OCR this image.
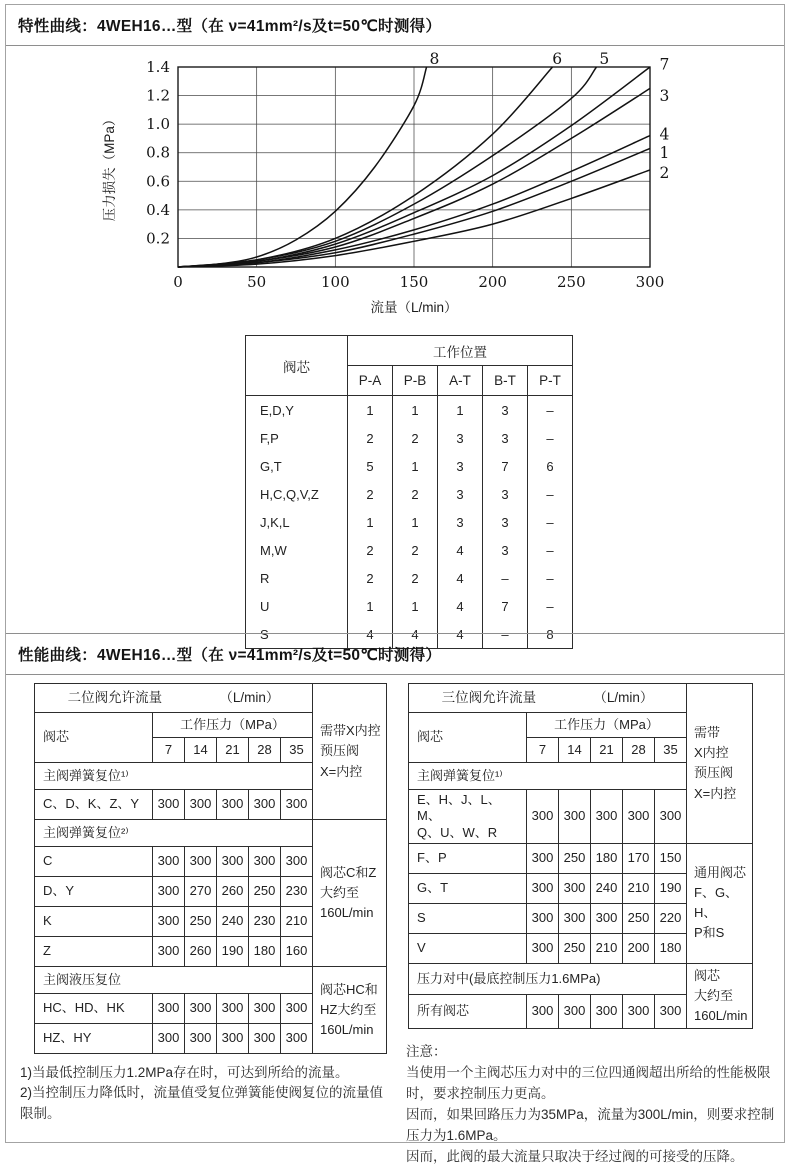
特性曲线：4WEH16…型（在 ν=41mm²/s及t=50℃时测得）
0	50	100	150	200	250	300
0.2
0.4
0.6
0.8
1.0
1.2
1.4
流量（L/min）
压力损失（MPa）
8	6 5	7
3
4
1
2
阀芯	工作位置				
	P-A	P-B	A-T	B-T	P-T
E,D,Y	1	1	1	3	–
F,P	2	2	3	3	–
G,T	5	1	3	7	6
H,C,Q,V,Z	2	2	3	3	–
J,K,L	1	1	3	3	–
M,W	2	2	4	3	–
R	2	2	4	–	–
U	1	1	4	7	–
S	4	4	4	–	8
性能曲线：4WEH16…型（在 ν=41mm²/s及t=50℃时测得）
二位阀允许流量 （L/min）						需带X内控
预压阀
X=内控
阀芯	工作压力（MPa）					
	7	14	21	28	35	
主阀弹簧复位¹⁾						
C、D、K、Z、Y	300	300	300	300	300	
主阀弹簧复位²⁾						阀芯C和Z
大约至
160L/min
C	300	300	300	300	300	
D、Y	300	270	260	250	230	
K	300	250	240	230	210	
Z	300	260	190	180	160	
主阀液压复位						阀芯HC和
HZ大约至
160L/min
HC、HD、HK	300	300	300	300	300	
HZ、HY	300	300	300	300	300	

1)当最低控制压力1.2MPa存在时，可达到所给的流量。

2)当控制压力降低时，流量值受复位弹簧能使阀复位的流量值限制。

三位阀允许流量 （L/min）						需带
X内控
预压阀
X=内控
阀芯	工作压力（MPa）					
	7	14	21	28	35	
主阀弹簧复位¹⁾						
E、H、J、L、M、
Q、U、W、R	300	300	300	300	300	
F、P	300	250	180	170	150	通用阀芯
F、G、H、
P和S
G、T	300	300	240	210	190	
S	300	300	300	250	220	
V	300	250	210	200	180	
压力对中(最底控制压力1.6MPa)						阀芯
大约至
160L/min
所有阀芯	300	300	300	300	300	

注意：

当使用一个主阀芯压力对中的三位四通阀超出所给的性能极限时，要求控制压力更高。

因而，如果回路压力为35MPa，流量为300L/min，则要求控制压力为1.6MPa。

因而，此阀的最大流量只取决于经过阀的可接受的压降。
